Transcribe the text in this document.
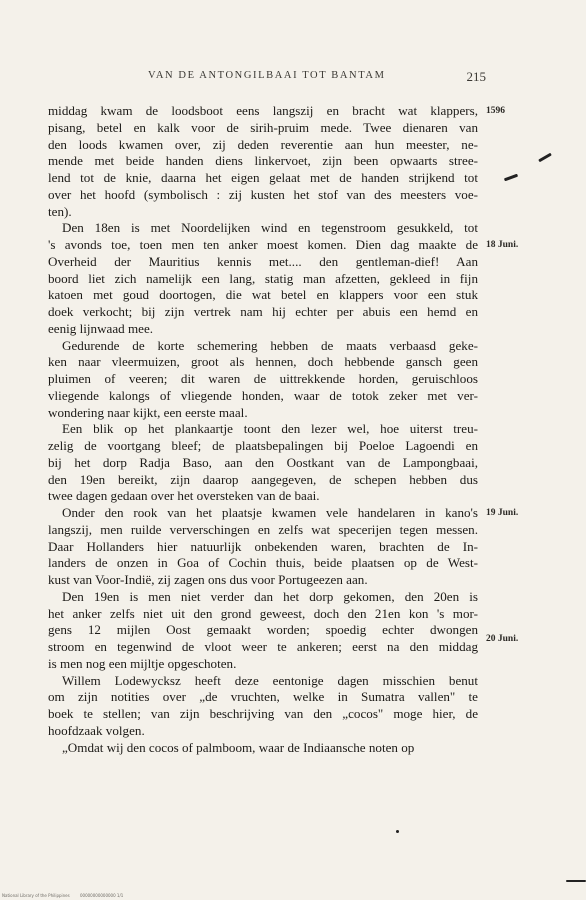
VAN DE ANTONGILBAAI TOT BANTAM	215

middag kwam de loodsboot eens langszij en bracht wat klappers,
pisang, betel en kalk voor de sirih-pruim mede. Twee dienaren van
den loods kwamen over, zij deden reverentie aan hun meester, ne-
mende met beide handen diens linkervoet, zijn been opwaarts stree-
lend tot de knie, daarna het eigen gelaat met de handen strijkend tot
over het hoofd (symbolisch : zij kusten het stof van des meesters voe-
ten).

Den 18en is met Noordelijken wind en tegenstroom gesukkeld, tot
's avonds toe, toen men ten anker moest komen. Dien dag maakte de
Overheid der Mauritius kennis met.... den gentleman-dief! Aan
boord liet zich namelijk een lang, statig man afzetten, gekleed in fijn
katoen met goud doortogen, die wat betel en klappers voor een stuk
doek verkocht; bij zijn vertrek nam hij echter per abuis een hemd en
eenig lijnwaad mee.

Gedurende de korte schemering hebben de maats verbaasd geke-
ken naar vleermuizen, groot als hennen, doch hebbende gansch geen
pluimen of veeren; dit waren de uittrekkende horden, geruischloos
vliegende kalongs of vliegende honden, waar de totok zeker met ver-
wondering naar kijkt, een eerste maal.

Een blik op het plankaartje toont den lezer wel, hoe uiterst treu-
zelig de voortgang bleef; de plaatsbepalingen bij Poeloe Lagoendi en
bij het dorp Radja Baso, aan den Oostkant van de Lampongbaai,
den 19en bereikt, zijn daarop aangegeven, de schepen hebben dus
twee dagen gedaan over het oversteken van de baai.

Onder den rook van het plaatsje kwamen vele handelaren in kano's
langszij, men ruilde ververschingen en zelfs wat specerijen tegen messen.
Daar Hollanders hier natuurlijk onbekenden waren, brachten de In-
landers de onzen in Goa of Cochin thuis, beide plaatsen op de West-
kust van Voor-Indië, zij zagen ons dus voor Portugeezen aan.

Den 19en is men niet verder dan het dorp gekomen, den 20en is
het anker zelfs niet uit den grond geweest, doch den 21en kon 's mor-
gens 12 mijlen Oost gemaakt worden; spoedig echter dwongen
stroom en tegenwind de vloot weer te ankeren; eerst na den middag
is men nog een mijltje opgeschoten.

Willem Lodewycksz heeft deze eentonige dagen misschien benut
om zijn notities over „de vruchten, welke in Sumatra vallen" te
boek te stellen; van zijn beschrijving van den „cocos" moge hier, de
hoofdzaak volgen.

„Omdat wij den cocos of palmboom, waar de Indiaansche noten op

1596
18 Juni.
19 Juni.
20 Juni.
National Library of the Philippines	00000000000000 1/1
